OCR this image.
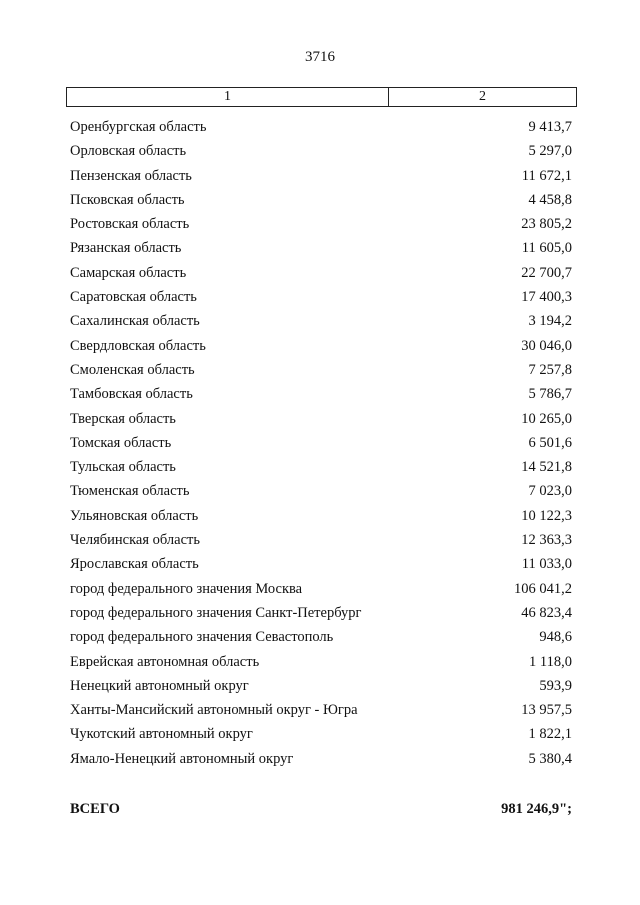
3716
1	2
Оренбургская область	9 413,7
Орловская область	5 297,0
Пензенская область	11 672,1
Псковская область	4 458,8
Ростовская область	23 805,2
Рязанская область	11 605,0
Самарская область	22 700,7
Саратовская область	17 400,3
Сахалинская область	3 194,2
Свердловская область	30 046,0
Смоленская область	7 257,8
Тамбовская область	5 786,7
Тверская область	10 265,0
Томская область	6 501,6
Тульская область	14 521,8
Тюменская область	7 023,0
Ульяновская область	10 122,3
Челябинская область	12 363,3
Ярославская область	11 033,0
город федерального значения Москва	106 041,2
город федерального значения Санкт-Петербург	46 823,4
город федерального значения Севастополь	948,6
Еврейская автономная область	1 118,0
Ненецкий автономный округ	593,9
Ханты-Мансийский автономный округ - Югра	13 957,5
Чукотский автономный округ	1 822,1
Ямало-Ненецкий автономный округ	5 380,4
ВСЕГО	981 246,9";
